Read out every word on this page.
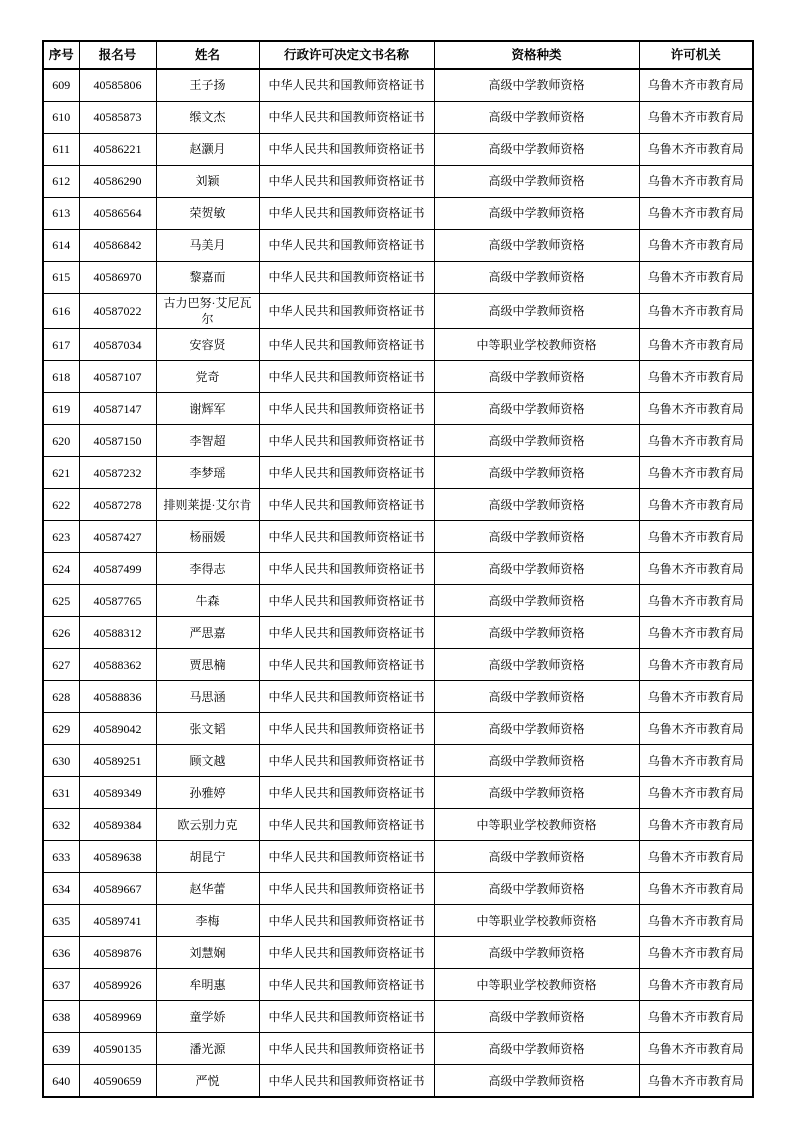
序号	报名号	姓名	行政许可决定文书名称	资格种类	许可机关
609	40585806	王子扬	中华人民共和国教师资格证书	高级中学教师资格	乌鲁木齐市教育局
610	40585873	缑文杰	中华人民共和国教师资格证书	高级中学教师资格	乌鲁木齐市教育局
611	40586221	赵灏月	中华人民共和国教师资格证书	高级中学教师资格	乌鲁木齐市教育局
612	40586290	刘颖	中华人民共和国教师资格证书	高级中学教师资格	乌鲁木齐市教育局
613	40586564	荣贺敏	中华人民共和国教师资格证书	高级中学教师资格	乌鲁木齐市教育局
614	40586842	马美月	中华人民共和国教师资格证书	高级中学教师资格	乌鲁木齐市教育局
615	40586970	黎嘉而	中华人民共和国教师资格证书	高级中学教师资格	乌鲁木齐市教育局
616	40587022	古力巴努·艾尼瓦尔	中华人民共和国教师资格证书	高级中学教师资格	乌鲁木齐市教育局
617	40587034	安容贤	中华人民共和国教师资格证书	中等职业学校教师资格	乌鲁木齐市教育局
618	40587107	党奇	中华人民共和国教师资格证书	高级中学教师资格	乌鲁木齐市教育局
619	40587147	谢辉军	中华人民共和国教师资格证书	高级中学教师资格	乌鲁木齐市教育局
620	40587150	李智超	中华人民共和国教师资格证书	高级中学教师资格	乌鲁木齐市教育局
621	40587232	李梦瑶	中华人民共和国教师资格证书	高级中学教师资格	乌鲁木齐市教育局
622	40587278	排则莱提·艾尔肯	中华人民共和国教师资格证书	高级中学教师资格	乌鲁木齐市教育局
623	40587427	杨丽媛	中华人民共和国教师资格证书	高级中学教师资格	乌鲁木齐市教育局
624	40587499	李得志	中华人民共和国教师资格证书	高级中学教师资格	乌鲁木齐市教育局
625	40587765	牛森	中华人民共和国教师资格证书	高级中学教师资格	乌鲁木齐市教育局
626	40588312	严思嘉	中华人民共和国教师资格证书	高级中学教师资格	乌鲁木齐市教育局
627	40588362	贾思楠	中华人民共和国教师资格证书	高级中学教师资格	乌鲁木齐市教育局
628	40588836	马思涵	中华人民共和国教师资格证书	高级中学教师资格	乌鲁木齐市教育局
629	40589042	张文韬	中华人民共和国教师资格证书	高级中学教师资格	乌鲁木齐市教育局
630	40589251	顾文越	中华人民共和国教师资格证书	高级中学教师资格	乌鲁木齐市教育局
631	40589349	孙雅婷	中华人民共和国教师资格证书	高级中学教师资格	乌鲁木齐市教育局
632	40589384	欧云别力克	中华人民共和国教师资格证书	中等职业学校教师资格	乌鲁木齐市教育局
633	40589638	胡昆宁	中华人民共和国教师资格证书	高级中学教师资格	乌鲁木齐市教育局
634	40589667	赵华蕾	中华人民共和国教师资格证书	高级中学教师资格	乌鲁木齐市教育局
635	40589741	李梅	中华人民共和国教师资格证书	中等职业学校教师资格	乌鲁木齐市教育局
636	40589876	刘慧娴	中华人民共和国教师资格证书	高级中学教师资格	乌鲁木齐市教育局
637	40589926	牟明惠	中华人民共和国教师资格证书	中等职业学校教师资格	乌鲁木齐市教育局
638	40589969	童学娇	中华人民共和国教师资格证书	高级中学教师资格	乌鲁木齐市教育局
639	40590135	潘光源	中华人民共和国教师资格证书	高级中学教师资格	乌鲁木齐市教育局
640	40590659	严悦	中华人民共和国教师资格证书	高级中学教师资格	乌鲁木齐市教育局
